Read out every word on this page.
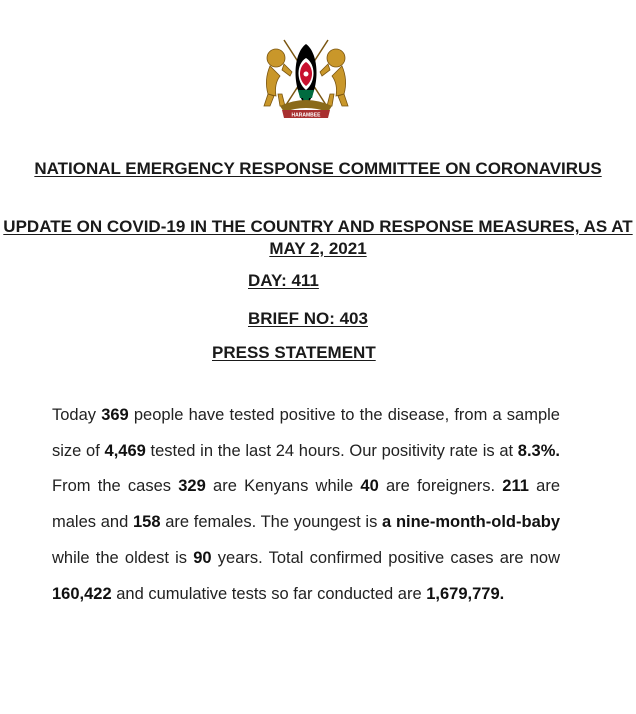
HARAMBEE

NATIONAL EMERGENCY RESPONSE COMMITTEE ON CORONAVIRUS

UPDATE ON COVID-19 IN THE COUNTRY AND RESPONSE MEASURES, AS AT MAY 2, 2021

DAY: 411
BRIEF NO: 403
PRESS STATEMENT

Today 369 people have tested positive to the disease, from a sample size of 4,469 tested in the last 24 hours. Our positivity rate is at 8.3%. From the cases 329 are Kenyans while 40 are foreigners. 211 are males and 158 are females. The youngest is a nine-month-old-baby while the oldest is 90 years. Total confirmed positive cases are now 160,422 and cumulative tests so far conducted are 1,679,779.
